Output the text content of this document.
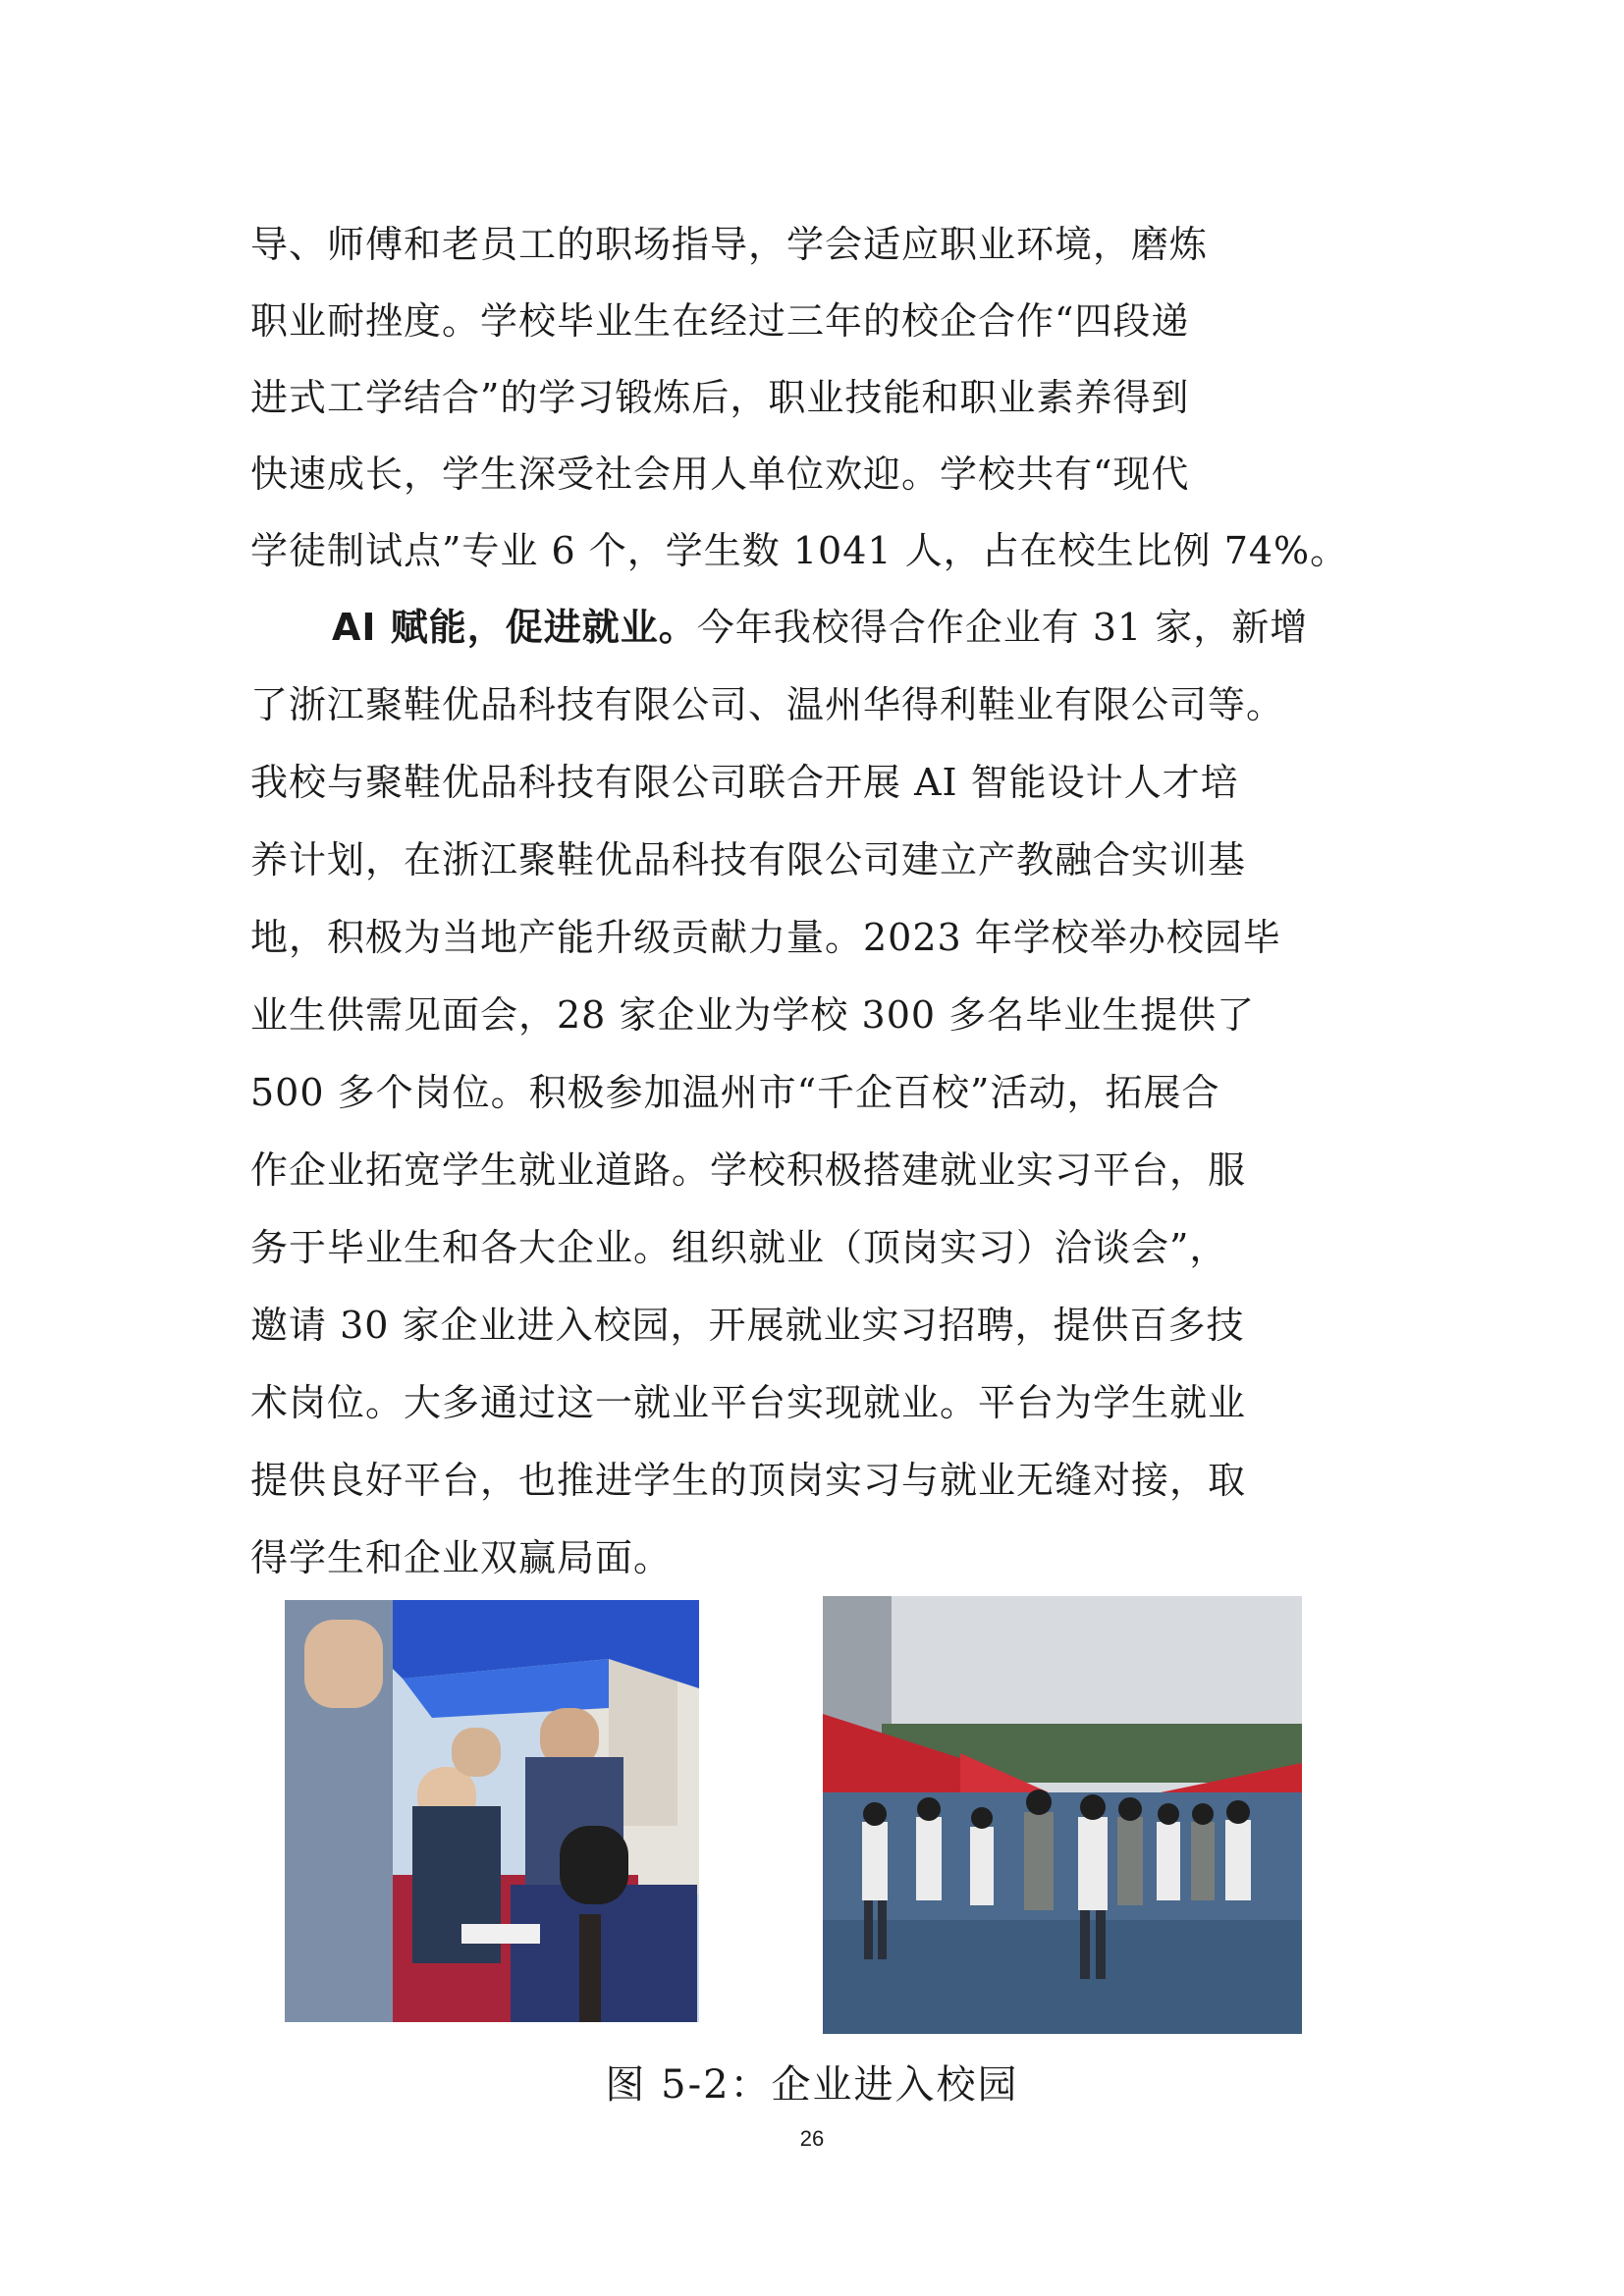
导、师傅和老员工的职场指导，学会适应职业环境，磨炼
职业耐挫度。学校毕业生在经过三年的校企合作“四段递
进式工学结合”的学习锻炼后，职业技能和职业素养得到
快速成长，学生深受社会用人单位欢迎。学校共有“现代
学徒制试点”专业 6 个，学生数 1041 人，占在校生比例 74%。
AI 赋能，促进就业。今年我校得合作企业有 31 家，新增
了浙江聚鞋优品科技有限公司、温州华得利鞋业有限公司等。
我校与聚鞋优品科技有限公司联合开展 AI 智能设计人才培
养计划，在浙江聚鞋优品科技有限公司建立产教融合实训基
地，积极为当地产能升级贡献力量。2023 年学校举办校园毕
业生供需见面会，28 家企业为学校 300 多名毕业生提供了
500 多个岗位。积极参加温州市“千企百校”活动，拓展合
作企业拓宽学生就业道路。学校积极搭建就业实习平台，服
务于毕业生和各大企业。组织就业（顶岗实习）洽谈会”，
邀请 30 家企业进入校园，开展就业实习招聘，提供百多技
术岗位。大多通过这一就业平台实现就业。平台为学生就业
提供良好平台，也推进学生的顶岗实习与就业无缝对接，取
得学生和企业双赢局面。
图 5-2：企业进入校园
26
